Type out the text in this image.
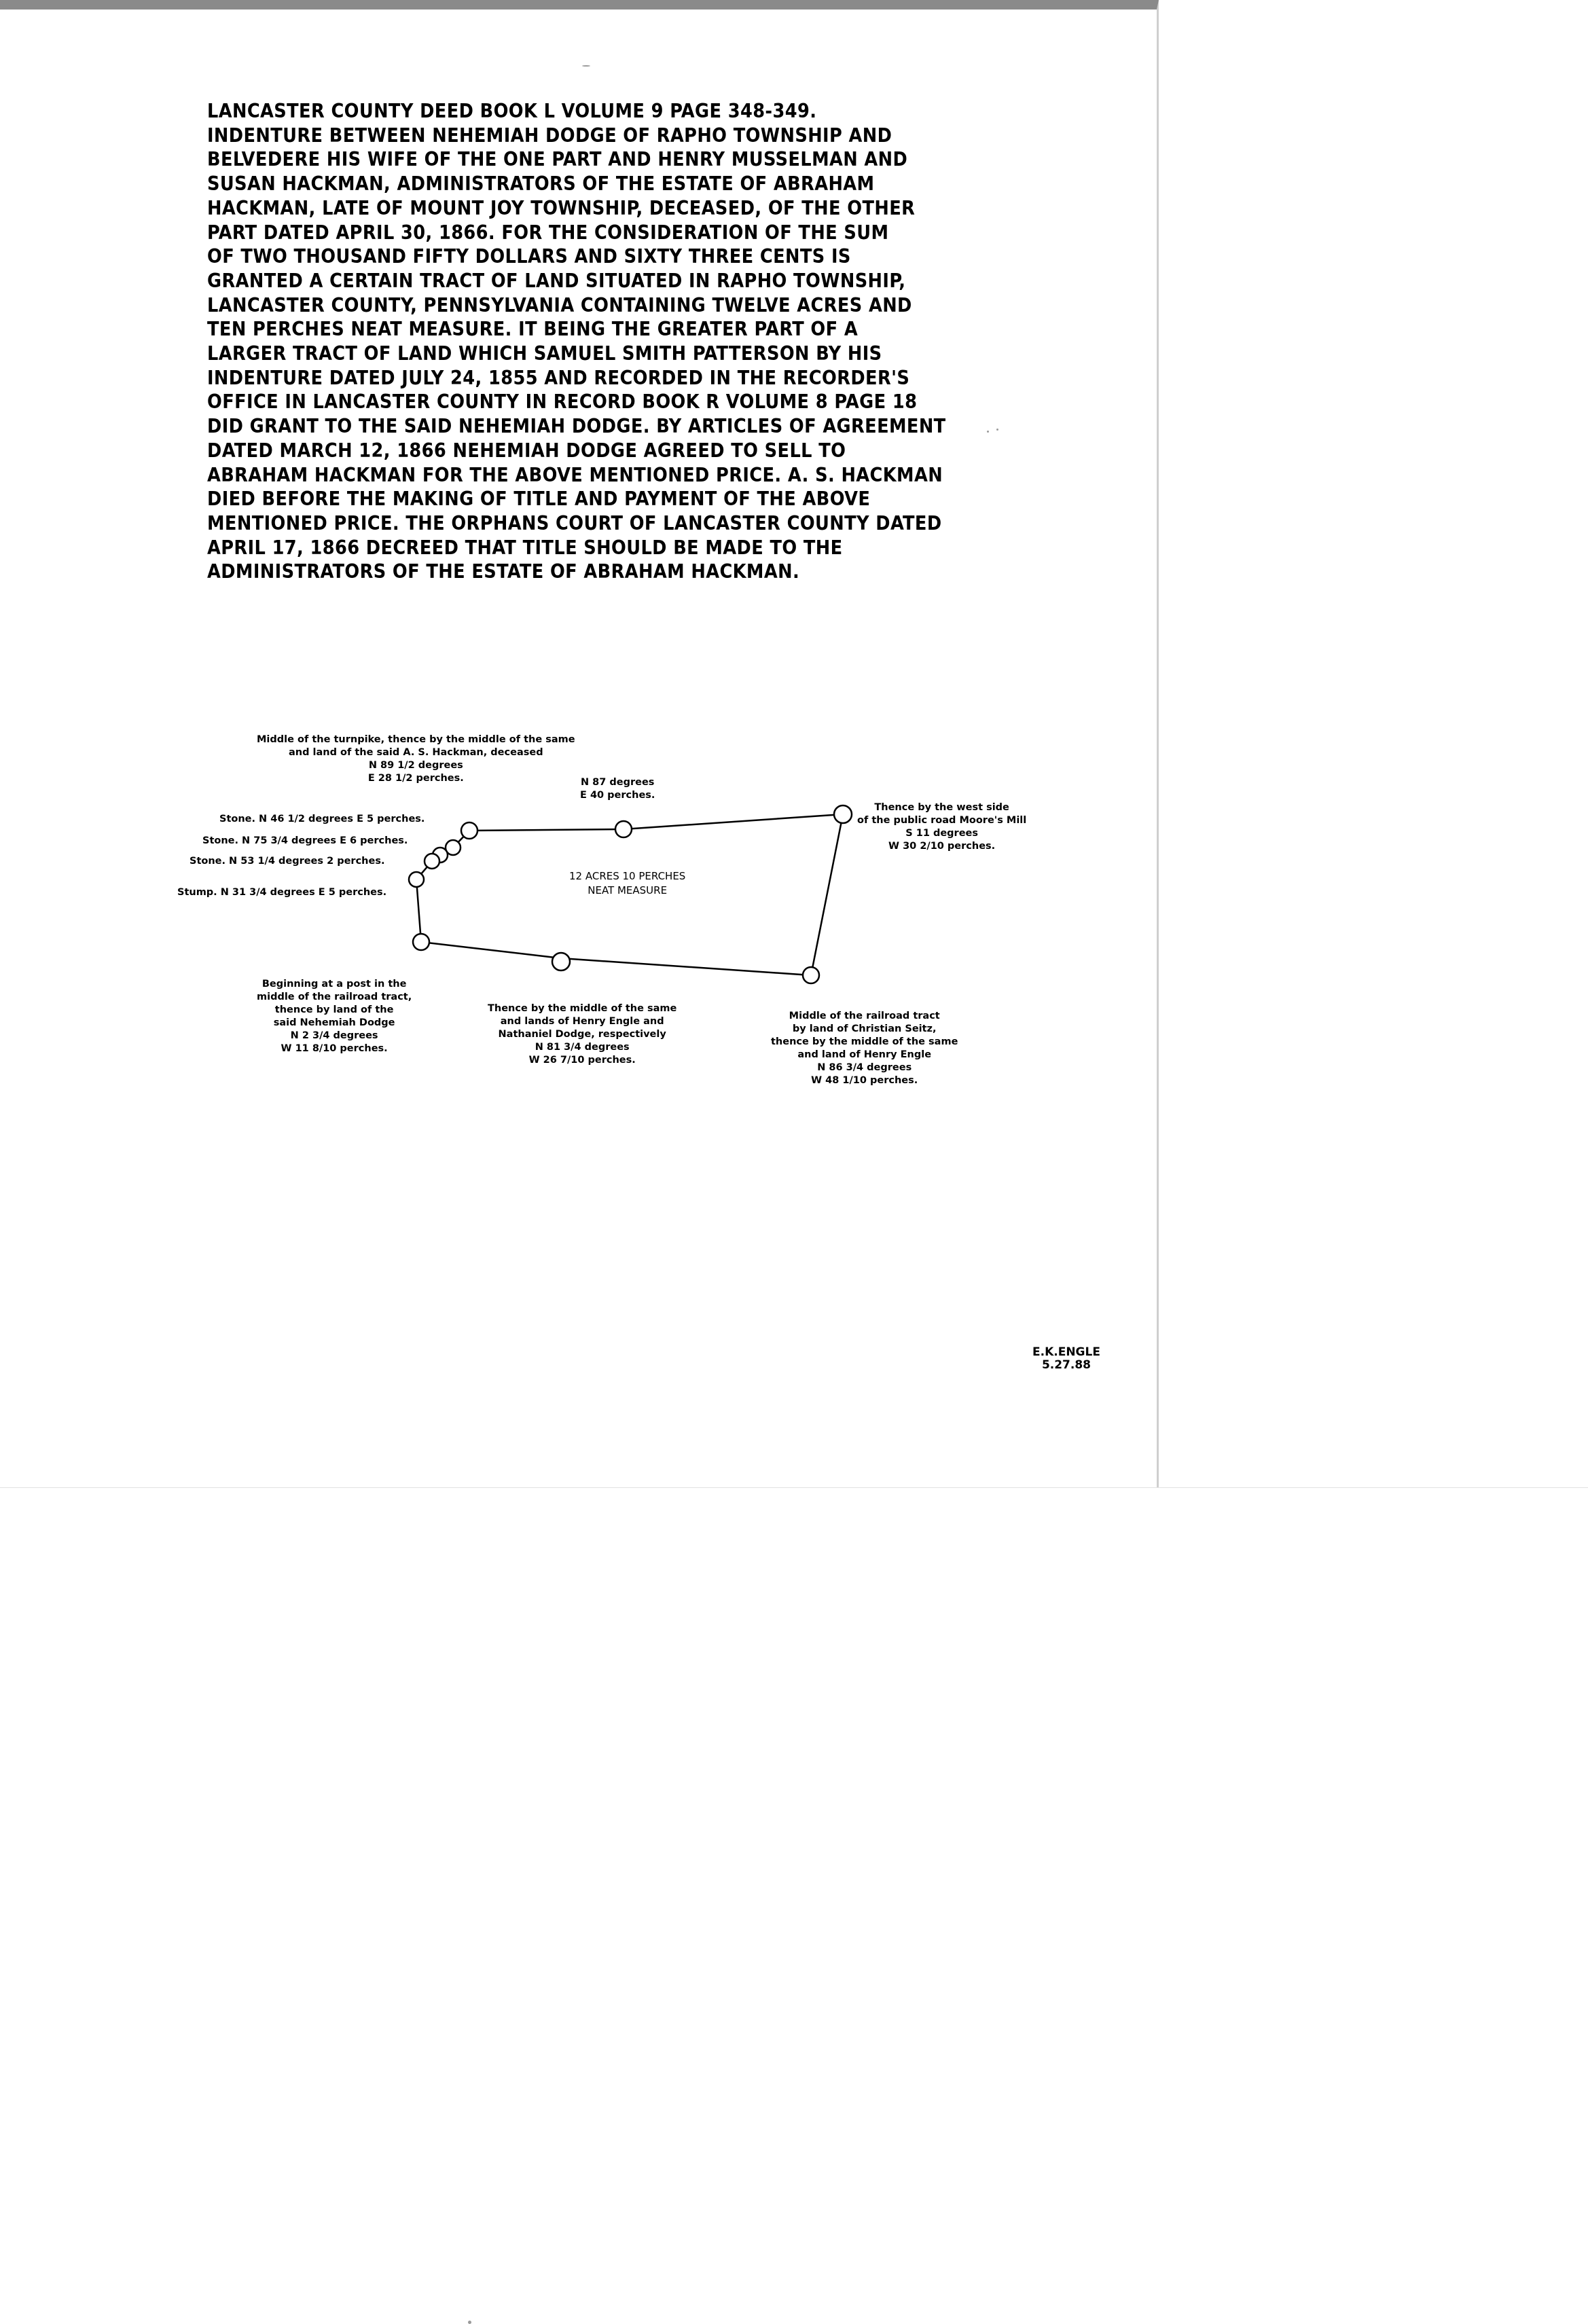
LANCASTER COUNTY DEED BOOK L VOLUME 9 PAGE 348-349.
INDENTURE BETWEEN NEHEMIAH DODGE OF RAPHO TOWNSHIP AND
BELVEDERE HIS WIFE OF THE ONE PART AND HENRY MUSSELMAN AND
SUSAN HACKMAN, ADMINISTRATORS OF THE ESTATE OF ABRAHAM
HACKMAN, LATE OF MOUNT JOY TOWNSHIP, DECEASED, OF THE OTHER
PART DATED APRIL 30, 1866. FOR THE CONSIDERATION OF THE SUM
OF TWO THOUSAND FIFTY DOLLARS AND SIXTY THREE CENTS IS
GRANTED A CERTAIN TRACT OF LAND SITUATED IN RAPHO TOWNSHIP,
LANCASTER COUNTY, PENNSYLVANIA CONTAINING TWELVE ACRES AND
TEN PERCHES NEAT MEASURE. IT BEING THE GREATER PART OF A
LARGER TRACT OF LAND WHICH SAMUEL SMITH PATTERSON BY HIS
INDENTURE DATED JULY 24, 1855 AND RECORDED IN THE RECORDER'S
OFFICE IN LANCASTER COUNTY IN RECORD BOOK R VOLUME 8 PAGE 18
DID GRANT TO THE SAID NEHEMIAH DODGE. BY ARTICLES OF AGREEMENT
DATED MARCH 12, 1866 NEHEMIAH DODGE AGREED TO SELL TO
ABRAHAM HACKMAN FOR THE ABOVE MENTIONED PRICE. A. S. HACKMAN
DIED BEFORE THE MAKING OF TITLE AND PAYMENT OF THE ABOVE
MENTIONED PRICE. THE ORPHANS COURT OF LANCASTER COUNTY DATED
APRIL 17, 1866 DECREED THAT TITLE SHOULD BE MADE TO THE
ADMINISTRATORS OF THE ESTATE OF ABRAHAM HACKMAN.
12 ACRES 10 PERCHES
NEAT MEASURE
Middle of the turnpike, thence by the middle of the same
and land of the said A. S. Hackman, deceased
N 89 1/2 degrees
E 28 1/2 perches.	N 87 degrees
E 40 perches.
Thence by the west side
of the public road Moore's Mill
S 11 degrees
W 30 2/10 perches.
Stone. N 46 1/2 degrees E 5 perches.
Stone. N 75 3/4 degrees E 6 perches.
Stone. N 53 1/4 degrees 2 perches.
Stump. N 31 3/4 degrees E 5 perches.
Beginning at a post in the
middle of the railroad tract,
thence by land of the
said Nehemiah Dodge
N 2 3/4 degrees
W 11 8/10 perches.
Thence by the middle of the same
and lands of Henry Engle and
Nathaniel Dodge, respectively
N 81 3/4 degrees
W 26 7/10 perches.
Middle of the railroad tract
by land of Christian Seitz,
thence by the middle of the same
and land of Henry Engle
N 86 3/4 degrees
W 48 1/10 perches.
E.K.ENGLE
5.27.88
